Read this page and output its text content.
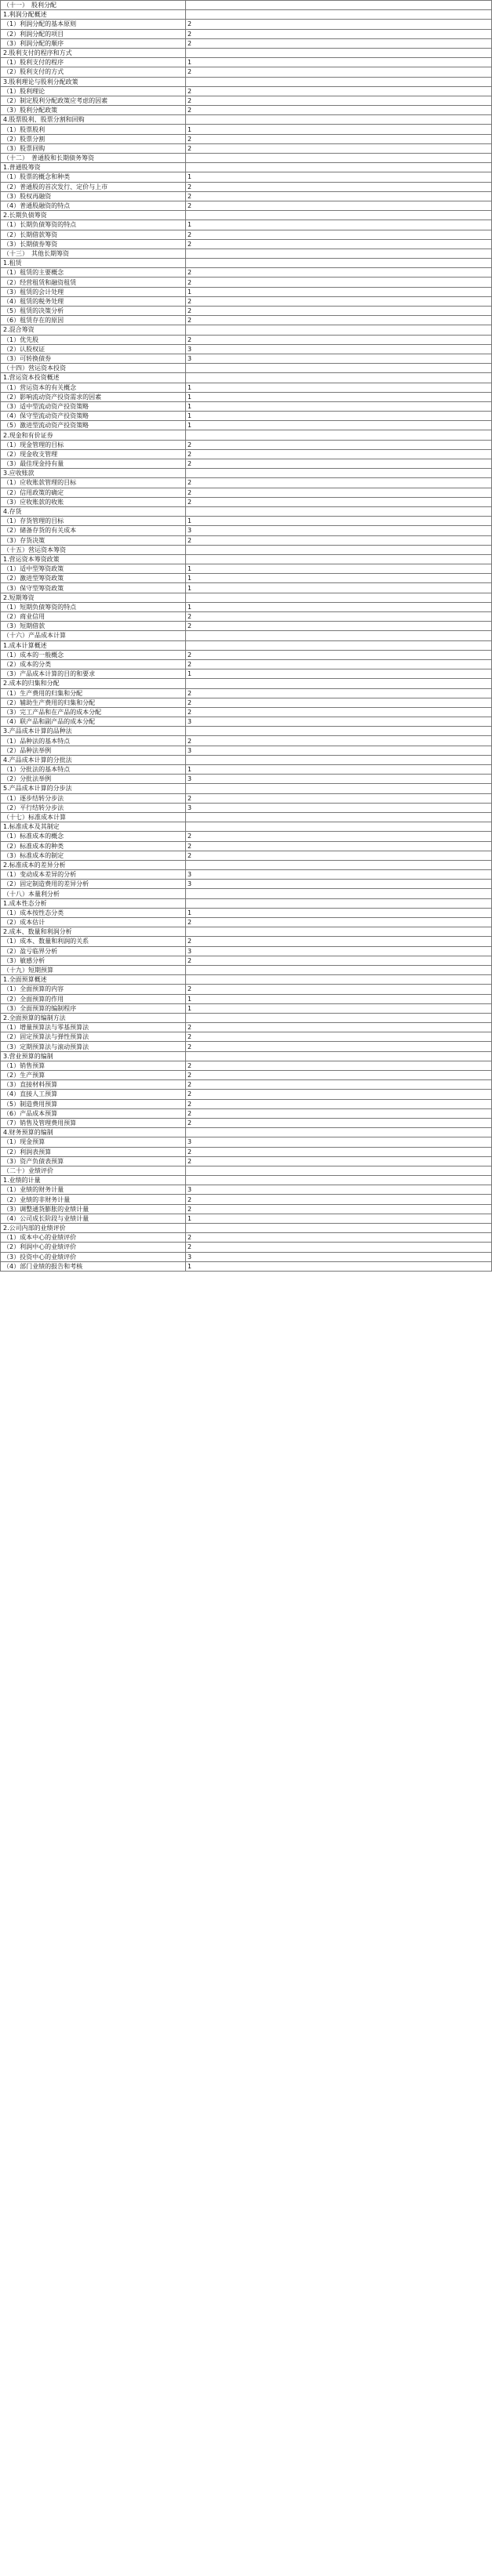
（十一）　股利分配	
1.利润分配概述	
（1）利润分配的基本原则	2
（2）利润分配的项目	2
（3）利润分配的顺序	2
2.股利支付的程序和方式	
（1）股利支付的程序	1
（2）股利支付的方式	2
3.股利理论与股利分配政策	
（1）股利理论	2
（2）制定股利分配政策应考虑的因素	2
（3）股利分配政策	2
4.股票股利、股票分割和回购	
（1）股票股利	1
（2）股票分割	2
（3）股票回购	2
（十二）　普通股和长期债务筹资	
1.普通股筹资	
（1）股票的概念和种类	1
（2）普通股的首次发行、定价与上市	2
（3）股权再融资	2
（4）普通股融资的特点	2
2.长期负债筹资	
（1）长期负债筹资的特点	1
（2）长期借款筹资	2
（3）长期债券筹资	2
（十三）　其他长期筹资	
1.租赁	
（1）租赁的主要概念	2
（2）经营租赁和融资租赁	2
（3）租赁的会计处理	1
（4）租赁的税务处理	2
（5）租赁的决策分析	2
（6）租赁存在的原因	2
2.混合筹资	
（1）优先股	2
（2）认股权证	3
（3）可转换债券	3
（十四）营运资本投资	
1.营运资本投资概述	
（1）营运资本的有关概念	1
（2）影响流动资产投资需求的因素	1
（3）适中型流动资产投资策略	1
（4）保守型流动资产投资策略	1
（5）激进型流动资产投资策略	1
2.现金和有价证券	
（1）现金管理的目标	2
（2）现金收支管理	2
（3）最佳现金持有量	2
3.应收账款	
（1）应收账款管理的目标	2
（2）信用政策的确定	2
（3）应收账款的收账	2
4.存货	
（1）存货管理的目标	1
（2）储备存货的有关成本	3
（3）存货决策	2
（十五）营运资本筹资	
1.营运资本筹资政策	
（1）适中型筹资政策	1
（2）激进型筹资政策	1
（3）保守型筹资政策	1
2.短期筹资	
（1）短期负债筹资的特点	1
（2）商业信用	2
（3）短期借款	2
（十六）产品成本计算	
1.成本计算概述	
（1）成本的一般概念	2
（2）成本的分类	2
（3）产品成本计算的目的和要求	1
2.成本的归集和分配	
（1）生产费用的归集和分配	2
（2）辅助生产费用的归集和分配	2
（3）完工产品和在产品的成本分配	2
（4）联产品和副产品的成本分配	3
3.产品成本计算的品种法	
（1）品种法的基本特点	2
（2）品种法举例	3
4.产品成本计算的分批法	
（1）分批法的基本特点	1
（2）分批法举例	3
5.产品成本计算的分步法	
（1）逐步结转分步法	2
（2）平行结转分步法	3
（十七）标准成本计算	
1.标准成本及其制定	
（1）标准成本的概念	2
（2）标准成本的种类	2
（3）标准成本的制定	2
2.标准成本的差异分析	
（1）变动成本差异的分析	3
（2）固定制造费用的差异分析	3
（十八）本量利分析	
1.成本性态分析	
（1）成本按性态分类	1
（2）成本估计	2
2.成本、数量和利润分析	
（1）成本、数量和利润的关系	2
（2）盈亏临界分析	3
（3）敏感分析	2
（十九）短期预算	
1.全面预算概述	
（1）全面预算的内容	2
（2）全面预算的作用	1
（3）全面预算的编制程序	1
2.全面预算的编制方法	
（1）增量预算法与零基预算法	2
（2）固定预算法与弹性预算法	2
（3）定期预算法与滚动预算法	2
3.营业预算的编制	
（1）销售预算	2
（2）生产预算	2
（3）直接材料预算	2
（4）直接人工预算	2
（5）制造费用预算	2
（6）产品成本预算	2
（7）销售及管理费用预算	2
4.财务预算的编制	
（1）现金预算	3
（2）利润表预算	2
（3）资产负债表预算	2
（二十）业绩评价	
1.业绩的计量	
（1）业绩的财务计量	3
（2）业绩的非财务计量	2
（3）调整通货膨胀的业绩计量	2
（4）公司成长阶段与业绩计量	1
2.公司内部的业绩评价	
（1）成本中心的业绩评价	2
（2）利润中心的业绩评价	2
（3）投资中心的业绩评价	3
（4）部门业绩的报告和考核	1
